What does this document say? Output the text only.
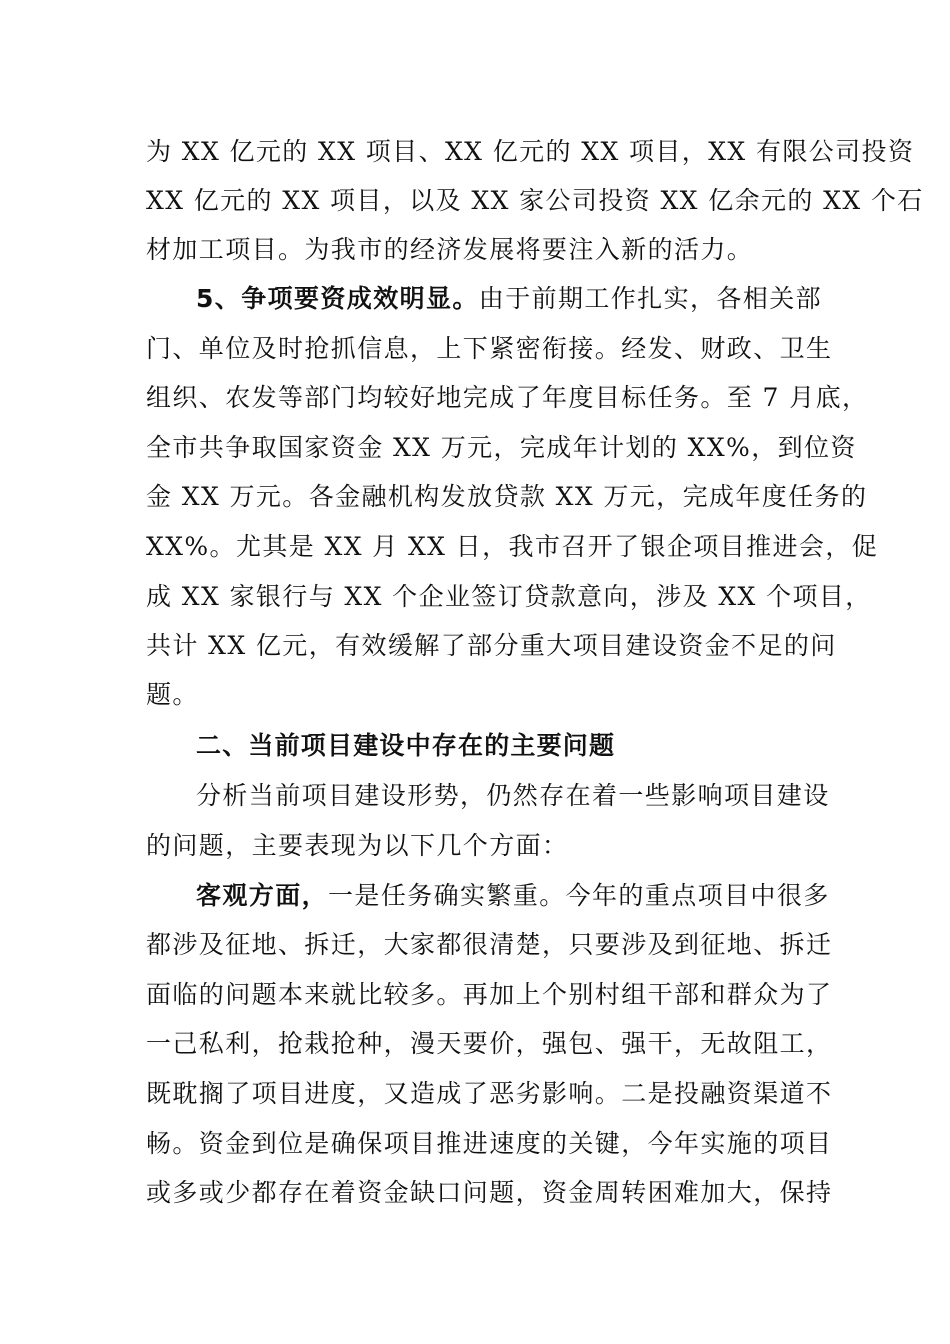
为 XX 亿元的 XX 项目、XX 亿元的 XX 项目，XX 有限公司投资
XX 亿元的 XX 项目，以及 XX 家公司投资 XX 亿余元的 XX 个石
材加工项目。为我市的经济发展将要注入新的活力。
5、争项要资成效明显。由于前期工作扎实，各相关部
门、单位及时抢抓信息，上下紧密衔接。经发、财政、卫生
组织、农发等部门均较好地完成了年度目标任务。至 7 月底，
全市共争取国家资金 XX 万元，完成年计划的 XX%，到位资
金 XX 万元。各金融机构发放贷款 XX 万元，完成年度任务的
XX%。尤其是 XX 月 XX 日，我市召开了银企项目推进会，促
成 XX 家银行与 XX 个企业签订贷款意向，涉及 XX 个项目，
共计 XX 亿元，有效缓解了部分重大项目建设资金不足的问
题。
二、当前项目建设中存在的主要问题
分析当前项目建设形势，仍然存在着一些影响项目建设
的问题，主要表现为以下几个方面：
客观方面，一是任务确实繁重。今年的重点项目中很多
都涉及征地、拆迁，大家都很清楚，只要涉及到征地、拆迁
面临的问题本来就比较多。再加上个别村组干部和群众为了
一己私利，抢栽抢种，漫天要价，强包、强干，无故阻工，
既耽搁了项目进度，又造成了恶劣影响。二是投融资渠道不
畅。资金到位是确保项目推进速度的关键，今年实施的项目
或多或少都存在着资金缺口问题，资金周转困难加大，保持
